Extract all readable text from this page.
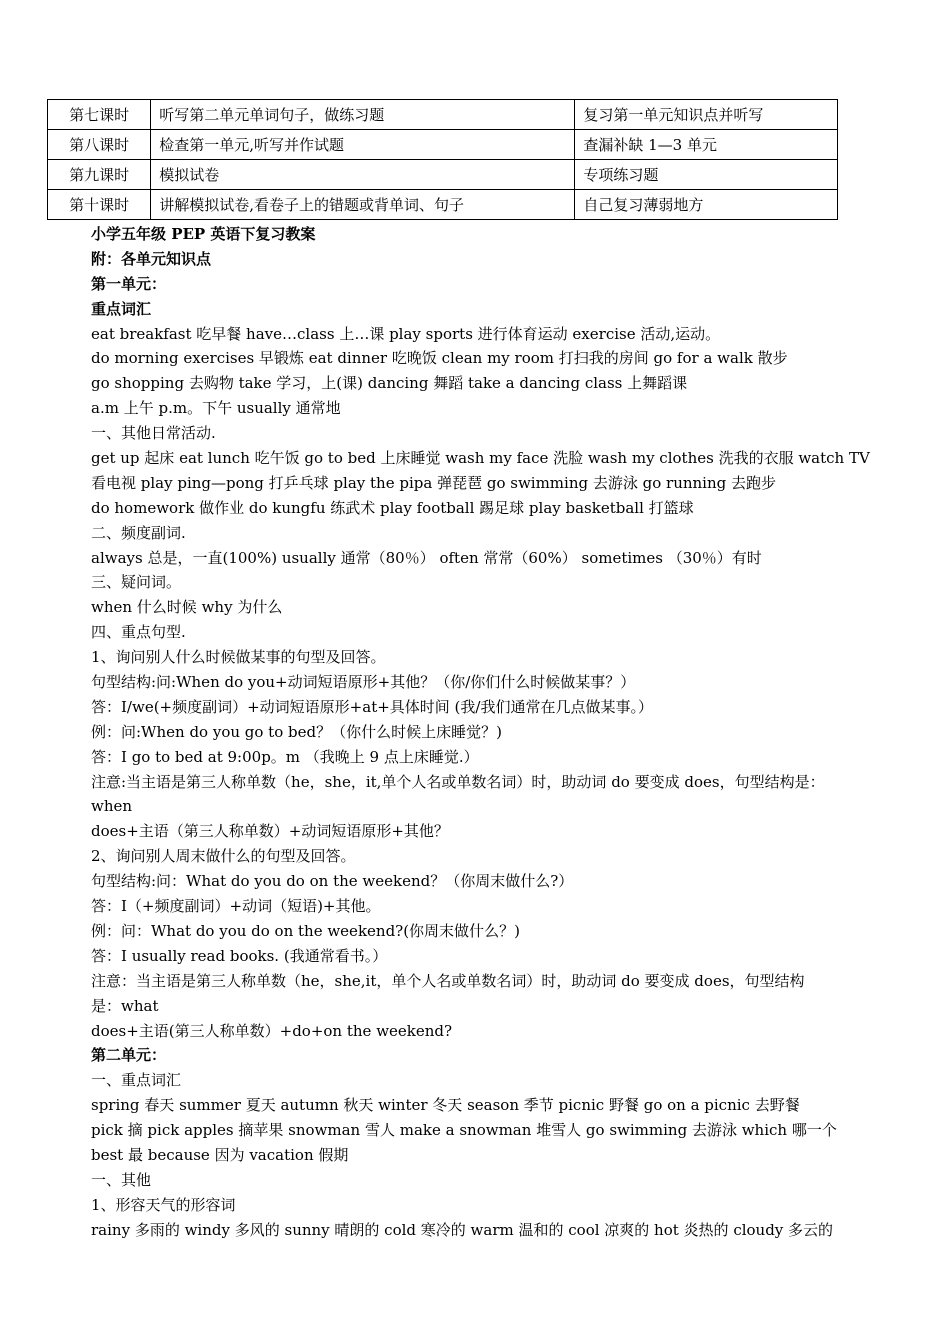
第七课时	听写第二单元单词句子，做练习题	复习第一单元知识点并听写
第八课时	检查第一单元,听写并作试题	查漏补缺 1—3 单元
第九课时	模拟试卷	专项练习题
第十课时	讲解模拟试卷,看卷子上的错题或背单词、句子	自己复习薄弱地方
小学五年级 PEP 英语下复习教案
附：各单元知识点
第一单元：
重点词汇
eat breakfast 吃早餐 have…class 上…课 play sports 进行体育运动 exercise 活动,运动。
do morning exercises 早锻炼 eat dinner 吃晚饭 clean my room 打扫我的房间 go for a walk 散步
go shopping 去购物 take 学习，上(课) dancing 舞蹈 take a dancing class 上舞蹈课
a.m 上午 p.m。下午 usually 通常地
一、其他日常活动.
get up 起床 eat lunch 吃午饭 go to bed 上床睡觉 wash my face 洗脸 wash my clothes 洗我的衣服 watch TV
看电视 play ping—pong 打乒乓球 play the pipa 弹琵琶 go swimming 去游泳 go running 去跑步
do homework 做作业 do kungfu 练武术 play football 踢足球 play basketball 打篮球
二、频度副词.
always 总是，一直(100%) usually 通常（80％） often 常常（60%） sometimes （30％）有时
三、疑问词。
when 什么时候 why 为什么
四、重点句型.
1、询问别人什么时候做某事的句型及回答。
句型结构:问:When do you+动词短语原形+其他？（你/你们什么时候做某事？）
答：I/we(+频度副词）+动词短语原形+at+具体时间 (我/我们通常在几点做某事。）
例：问:When do you go to bed？（你什么时候上床睡觉？)
答：I go to bed at 9:00p。m （我晚上 9 点上床睡觉.）
注意:当主语是第三人称单数（he，she，it,单个人名或单数名词）时，助动词 do 要变成 does，句型结构是：
when
does+主语（第三人称单数）+动词短语原形+其他？
2、询问别人周末做什么的句型及回答。
句型结构:问：What do you do on the weekend？（你周末做什么?）
答：I（+频度副词）+动词（短语)+其他。
例：问：What do you do on the weekend?(你周末做什么？)
答：I usually read books. (我通常看书。）
注意：当主语是第三人称单数（he，she,it，单个人名或单数名词）时，助动词 do 要变成 does，句型结构
是：what
does+主语(第三人称单数）+do+on the weekend?
第二单元：
一、重点词汇
spring 春天 summer 夏天 autumn 秋天 winter 冬天 season 季节 picnic 野餐 go on a picnic 去野餐
pick 摘 pick apples 摘苹果 snowman 雪人 make a snowman 堆雪人 go swimming 去游泳 which 哪一个
best 最 because 因为 vacation 假期
一、其他
1、形容天气的形容词
rainy 多雨的 windy 多风的 sunny 晴朗的 cold 寒冷的 warm 温和的 cool 凉爽的 hot 炎热的 cloudy 多云的
